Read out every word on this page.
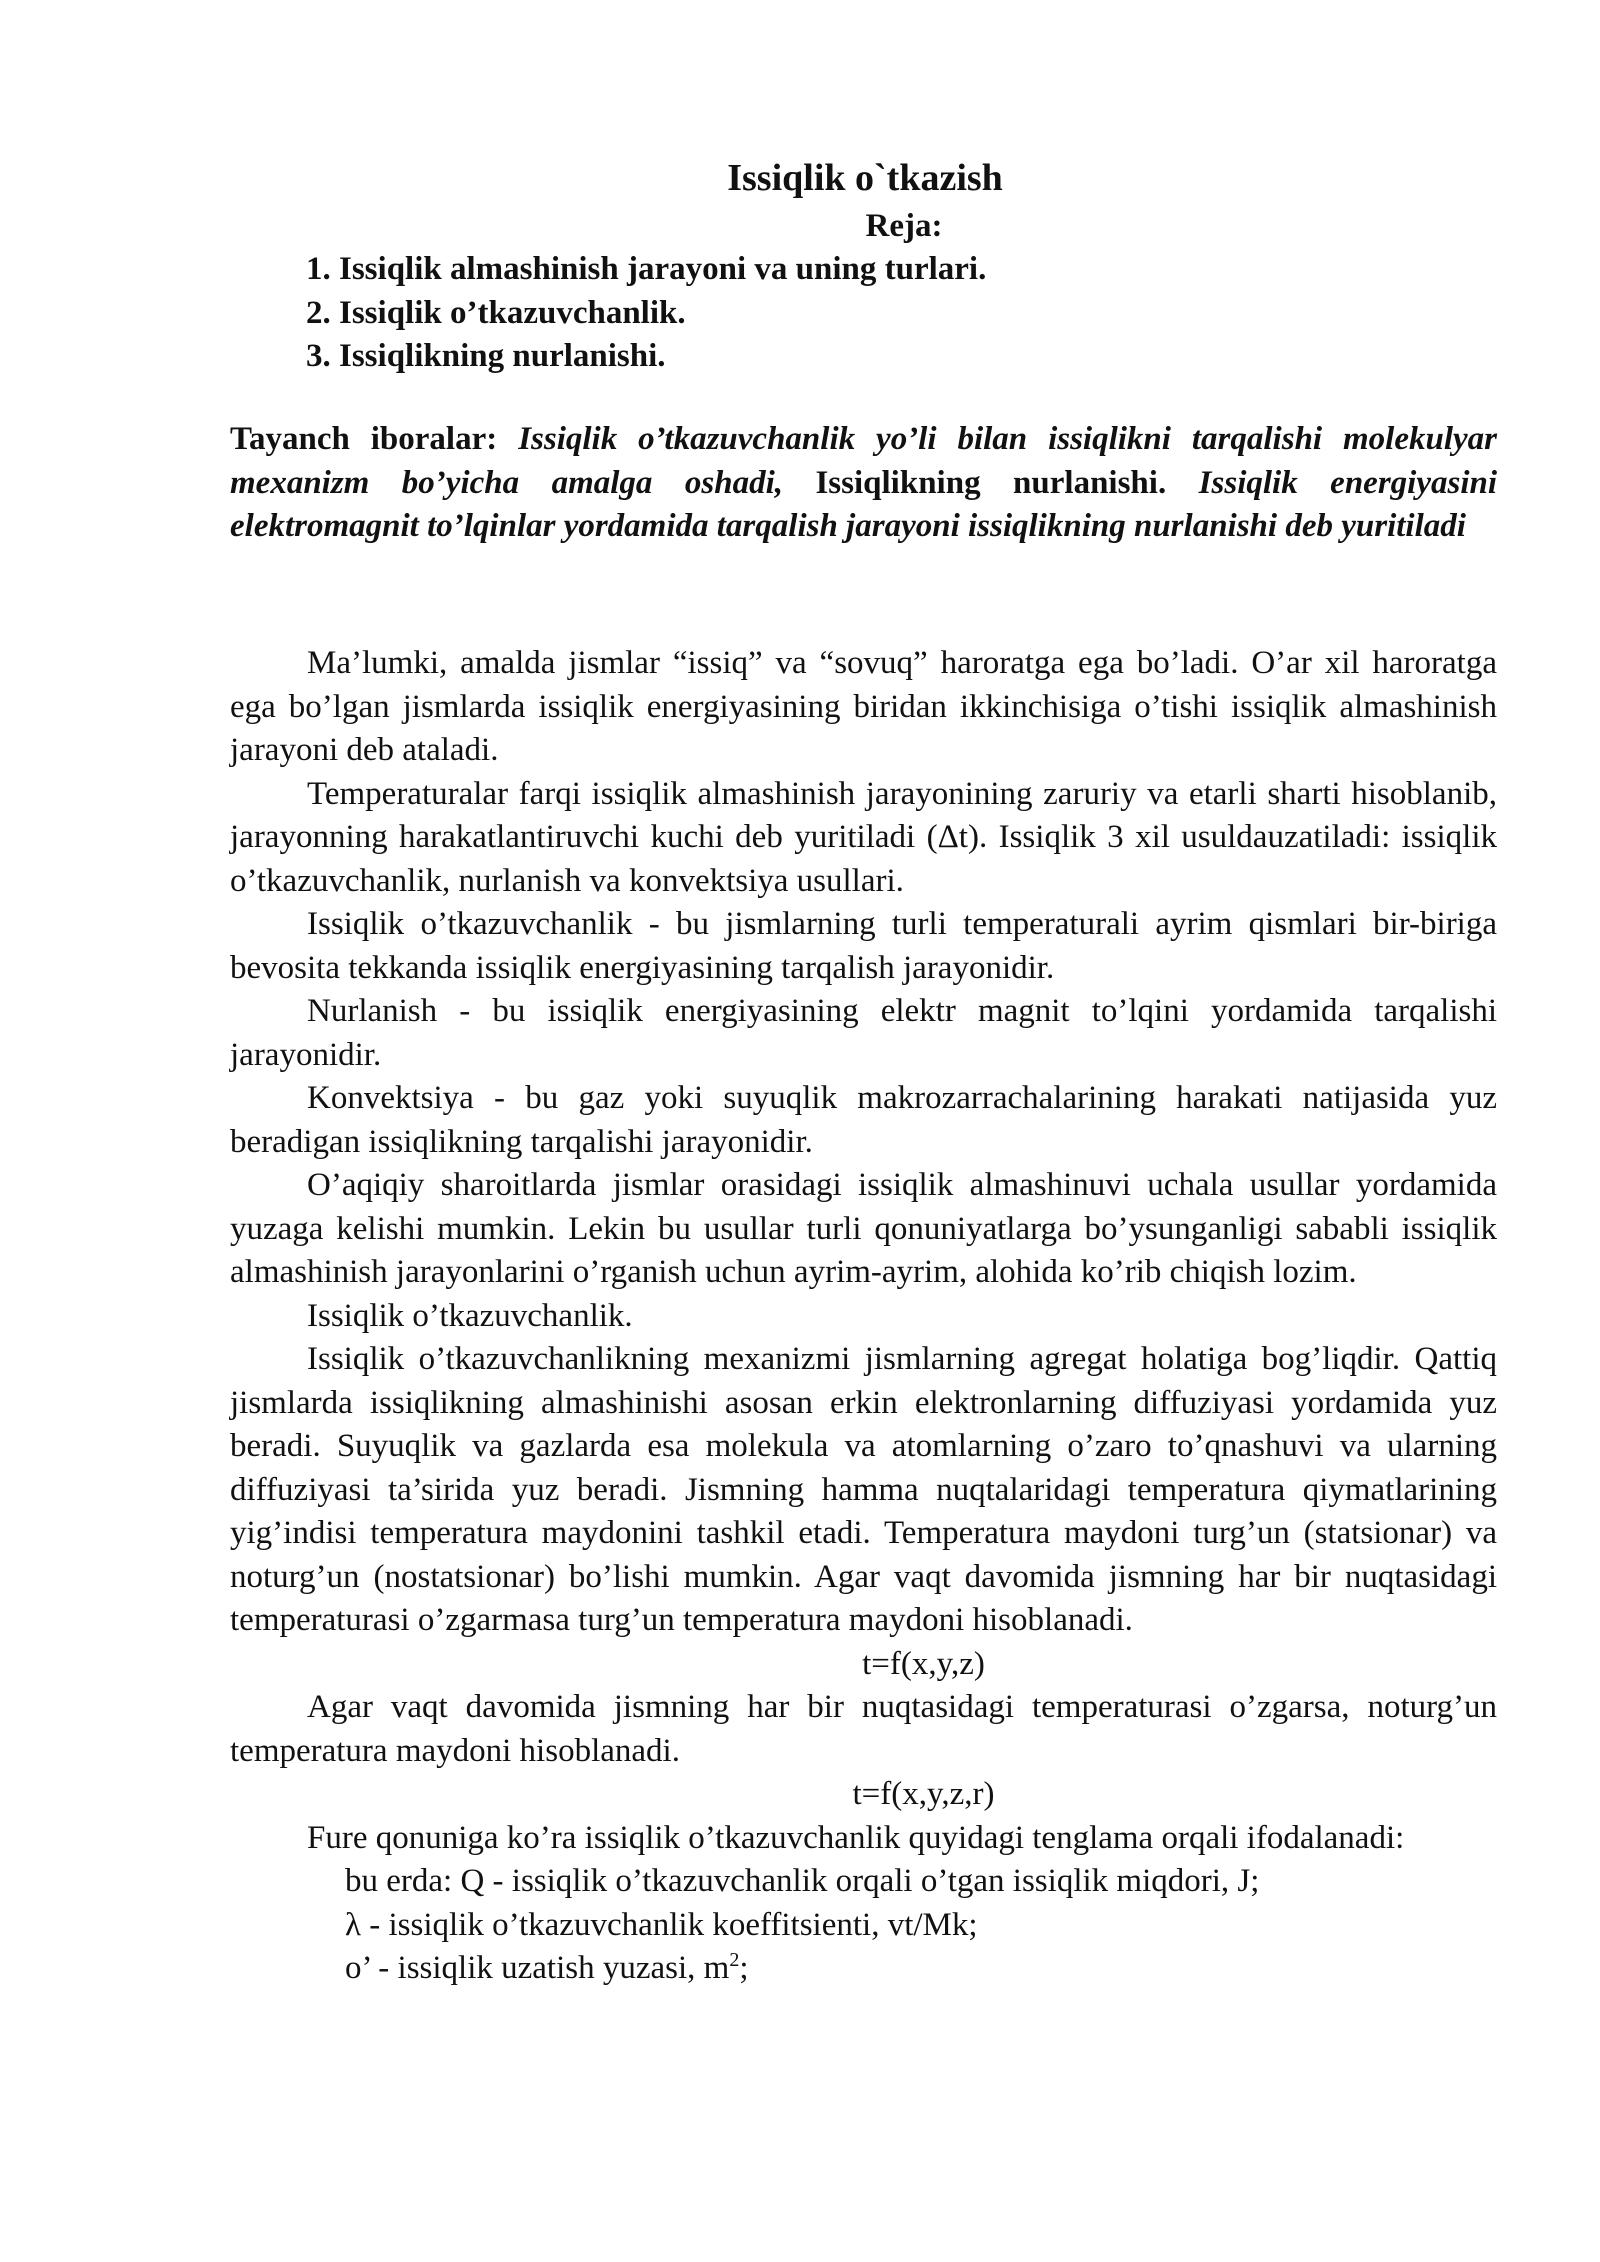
Issiqlik o`tkazish
Reja:
1. Issiqlik almashinish jarayoni va uning turlari.
2. Issiqlik o’tkazuvchanlik.
3. Issiqlikning nurlanishi.
Tayanch iboralar: Issiqlik o’tkazuvchanlik yo’li bilan issiqlikni tarqalishi molekulyar mexanizm bo’yicha amalga oshadi, Issiqlikning nurlanishi. Issiqlik energiyasini elektromagnit to’lqinlar yordamida tarqalish jarayoni issiqlikning nurlanishi deb yuritiladi

Ma’lumki, amalda jismlar “issiq” va “sovuq” haroratga ega bo’ladi. O’ar xil haroratga ega bo’lgan jismlarda issiqlik energiyasining biridan ikkinchisiga o’tishi issiqlik almashinish jarayoni deb ataladi.

Temperaturalar farqi issiqlik almashinish jarayonining zaruriy va etarli sharti hisoblanib, jarayonning harakatlantiruvchi kuchi deb yuritiladi (Δt). Issiqlik 3 xil usuldauzatiladi: issiqlik o’tkazuvchanlik, nurlanish va konvektsiya usullari.

Issiqlik o’tkazuvchanlik - bu jismlarning turli temperaturali ayrim qismlari bir-biriga bevosita tekkanda issiqlik energiyasining tarqalish jarayonidir.

Nurlanish - bu issiqlik energiyasining elektr magnit to’lqini yordamida tarqalishi jarayonidir.

Konvektsiya - bu gaz yoki suyuqlik makrozarrachalarining harakati natijasida yuz beradigan issiqlikning tarqalishi jarayonidir.

O’aqiqiy sharoitlarda jismlar orasidagi issiqlik almashinuvi uchala usullar yordamida yuzaga kelishi mumkin. Lekin bu usullar turli qonuniyatlarga bo’ysunganligi sababli issiqlik almashinish jarayonlarini o’rganish uchun ayrim-ayrim, alohida ko’rib chiqish lozim.

Issiqlik o’tkazuvchanlik.

Issiqlik o’tkazuvchanlikning mexanizmi jismlarning agregat holatiga bog’liqdir. Qattiq jismlarda issiqlikning almashinishi asosan erkin elektronlarning diffuziyasi yordamida yuz beradi. Suyuqlik va gazlarda esa molekula va atomlarning o’zaro to’qnashuvi va ularning diffuziyasi ta’sirida yuz beradi. Jismning hamma nuqtalaridagi temperatura qiymatlarining yig’indisi temperatura maydonini tashkil etadi. Temperatura maydoni turg’un (statsionar) va noturg’un (nostatsionar) bo’lishi mumkin. Agar vaqt davomida jismning har bir nuqtasidagi temperaturasi o’zgarmasa turg’un temperatura maydoni hisoblanadi.

t=f(x,y,z)

Agar vaqt davomida jismning har bir nuqtasidagi temperaturasi o’zgarsa, noturg’un temperatura maydoni hisoblanadi.

t=f(x,y,z,r)

Fure qonuniga ko’ra issiqlik o’tkazuvchanlik quyidagi tenglama orqali ifodalanadi:

bu erda: Q - issiqlik o’tkazuvchanlik orqali o’tgan issiqlik miqdori, J;

λ - issiqlik o’tkazuvchanlik koeffitsienti, vt/Mk;

o’ - issiqlik uzatish yuzasi, $m^2$;
